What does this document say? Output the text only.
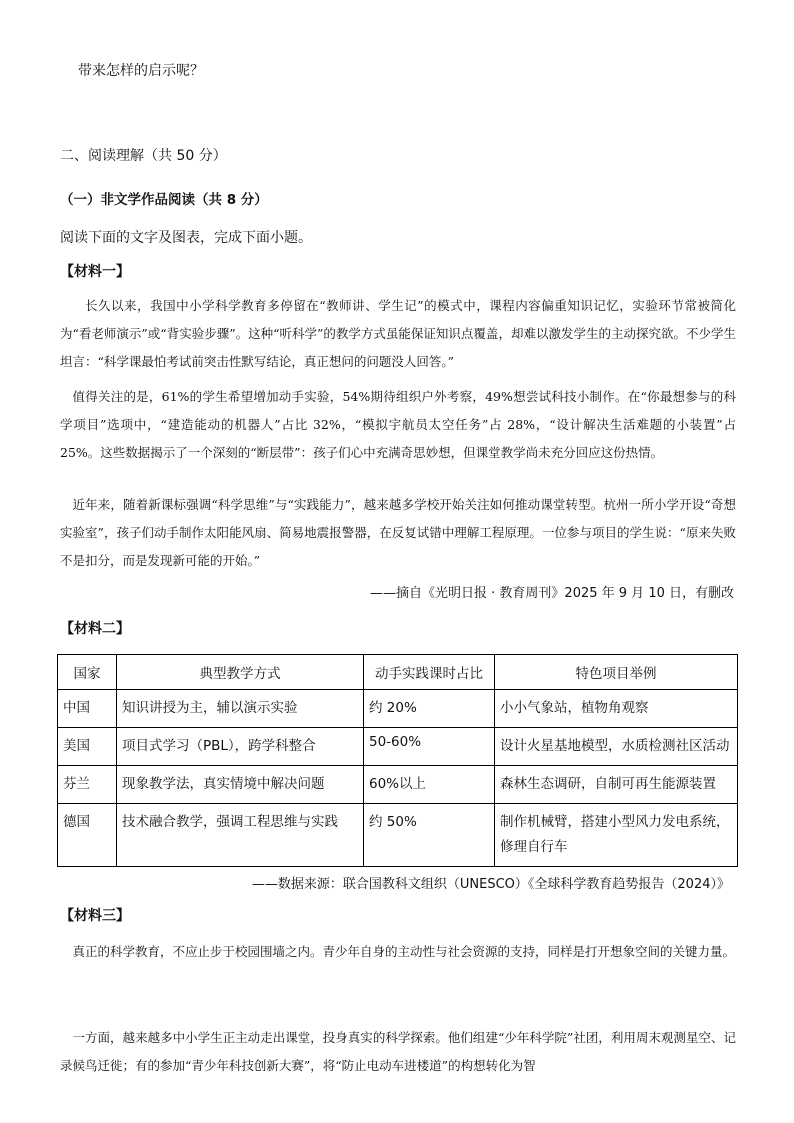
带来怎样的启示呢？
二、阅读理解（共 50 分）
（一）非文学作品阅读（共 8 分）
阅读下面的文字及图表，完成下面小题。
【材料一】
长久以来，我国中小学科学教育多停留在“教师讲、学生记”的模式中，课程内容偏重知识记忆，实验环节常被简化为“看老师演示”或“背实验步骤”。这种“听科学”的教学方式虽能保证知识点覆盖，却难以激发学生的主动探究欲。不少学生坦言：“科学课最怕考试前突击性默写结论，真正想问的问题没人回答。”
值得关注的是，61%的学生希望增加动手实验，54%期待组织户外考察，49%想尝试科技小制作。在“你最想参与的科学项目”选项中，“建造能动的机器人”占比 32%，“模拟宇航员太空任务”占 28%，“设计解决生活难题的小装置”占 25%。这些数据揭示了一个深刻的“断层带”：孩子们心中充满奇思妙想，但课堂教学尚未充分回应这份热情。
近年来，随着新课标强调“科学思维”与“实践能力”，越来越多学校开始关注如何推动课堂转型。杭州一所小学开设“奇想实验室”，孩子们动手制作太阳能风扇、简易地震报警器，在反复试错中理解工程原理。一位参与项目的学生说：“原来失败不是扣分，而是发现新可能的开始。”
——摘自《光明日报 · 教育周刊》2025 年 9 月 10 日，有删改
【材料二】
国家	典型教学方式	动手实践课时占比	特色项目举例
中国	知识讲授为主，辅以演示实验	约 20%	小小气象站，植物角观察
美国	项目式学习（PBL），跨学科整合	50-60%	设计火星基地模型，水质检测社区活动
芬兰	现象教学法，真实情境中解决问题	60%以上	森林生态调研，自制可再生能源装置
德国	技术融合教学，强调工程思维与实践	约 50%	制作机械臂，搭建小型风力发电系统，修理自行车
——数据来源：联合国教科文组织（UNESCO）《全球科学教育趋势报告（2024）》
【材料三】
真正的科学教育，不应止步于校园围墙之内。青少年自身的主动性与社会资源的支持，同样是打开想象空间的关键力量。
一方面，越来越多中小学生正主动走出课堂，投身真实的科学探索。他们组建“少年科学院”社团，利用周末观测星空、记录候鸟迁徙；有的参加“青少年科技创新大赛”，将“防止电动车进楼道”的构想转化为智
